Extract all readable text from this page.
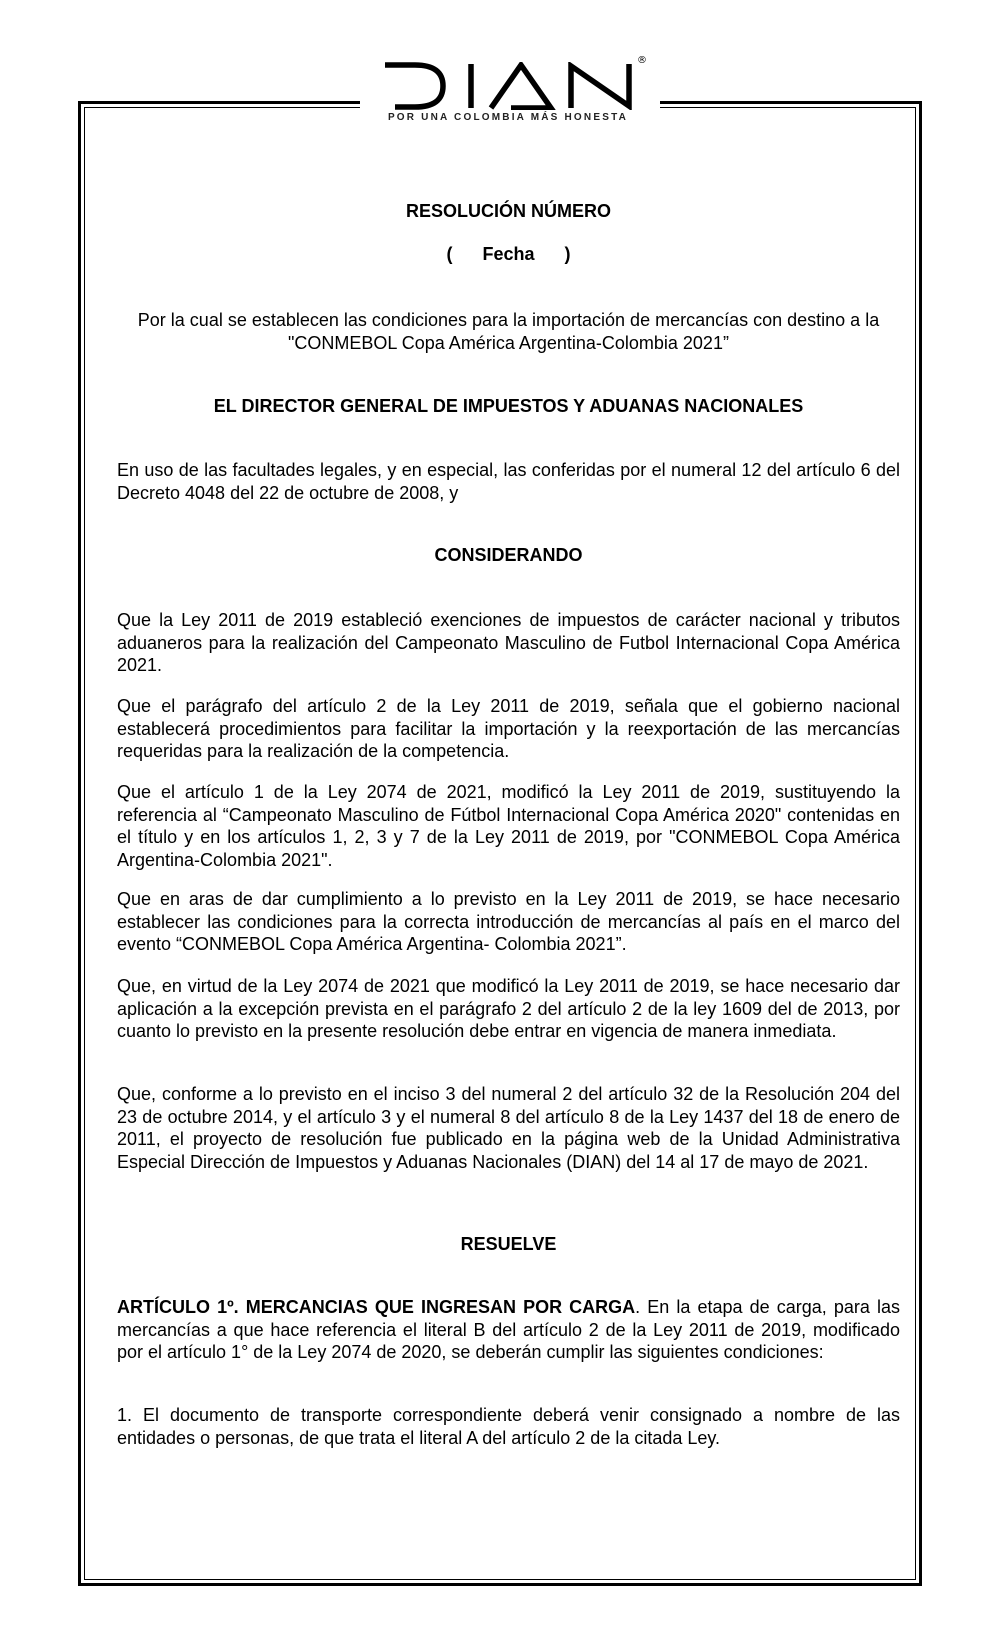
®
POR UNA COLOMBIA MÁS HONESTA
RESOLUCIÓN NÚMERO
( Fecha )
Por la cual se establecen las condiciones para la importación de mercancías con destino a la "CONMEBOL Copa América Argentina-Colombia 2021”
EL DIRECTOR GENERAL DE IMPUESTOS Y ADUANAS NACIONALES
En uso de las facultades legales, y en especial, las conferidas por el numeral 12 del artículo 6 del Decreto 4048 del 22 de octubre de 2008, y
CONSIDERANDO
Que la Ley 2011 de 2019 estableció exenciones de impuestos de carácter nacional y tributos aduaneros para la realización del Campeonato Masculino de Futbol Internacional Copa América 2021.
Que el parágrafo del artículo 2 de la Ley 2011 de 2019, señala que el gobierno nacional establecerá procedimientos para facilitar la importación y la reexportación de las mercancías requeridas para la realización de la competencia.
Que el artículo 1 de la Ley 2074 de 2021, modificó la Ley 2011 de 2019, sustituyendo la referencia al “Campeonato Masculino de Fútbol Internacional Copa América 2020" contenidas en el título y en los artículos 1, 2, 3 y 7 de la Ley 2011 de 2019, por "CONMEBOL Copa América Argentina-Colombia 2021".
Que en aras de dar cumplimiento a lo previsto en la Ley 2011 de 2019, se hace necesario establecer las condiciones para la correcta introducción de mercancías al país en el marco del evento “CONMEBOL Copa América Argentina- Colombia 2021”.
Que, en virtud de la Ley 2074 de 2021 que modificó la Ley 2011 de 2019, se hace necesario dar aplicación a la excepción prevista en el parágrafo 2 del artículo 2 de la ley 1609 del de 2013, por cuanto lo previsto en la presente resolución debe entrar en vigencia de manera inmediata.
Que, conforme a lo previsto en el inciso 3 del numeral 2 del artículo 32 de la Resolución 204 del 23 de octubre 2014, y el artículo 3 y el numeral 8 del artículo 8 de la Ley 1437 del 18 de enero de 2011, el proyecto de resolución fue publicado en la página web de la Unidad Administrativa Especial Dirección de Impuestos y Aduanas Nacionales (DIAN) del 14 al 17 de mayo de 2021.
RESUELVE
ARTÍCULO 1º. MERCANCIAS QUE INGRESAN POR CARGA. En la etapa de carga, para las mercancías a que hace referencia el literal B del artículo 2 de la Ley 2011 de 2019, modificado por el artículo 1° de la Ley 2074 de 2020, se deberán cumplir las siguientes condiciones:
1. El documento de transporte correspondiente deberá venir consignado a nombre de las entidades o personas, de que trata el literal A del artículo 2 de la citada Ley.
